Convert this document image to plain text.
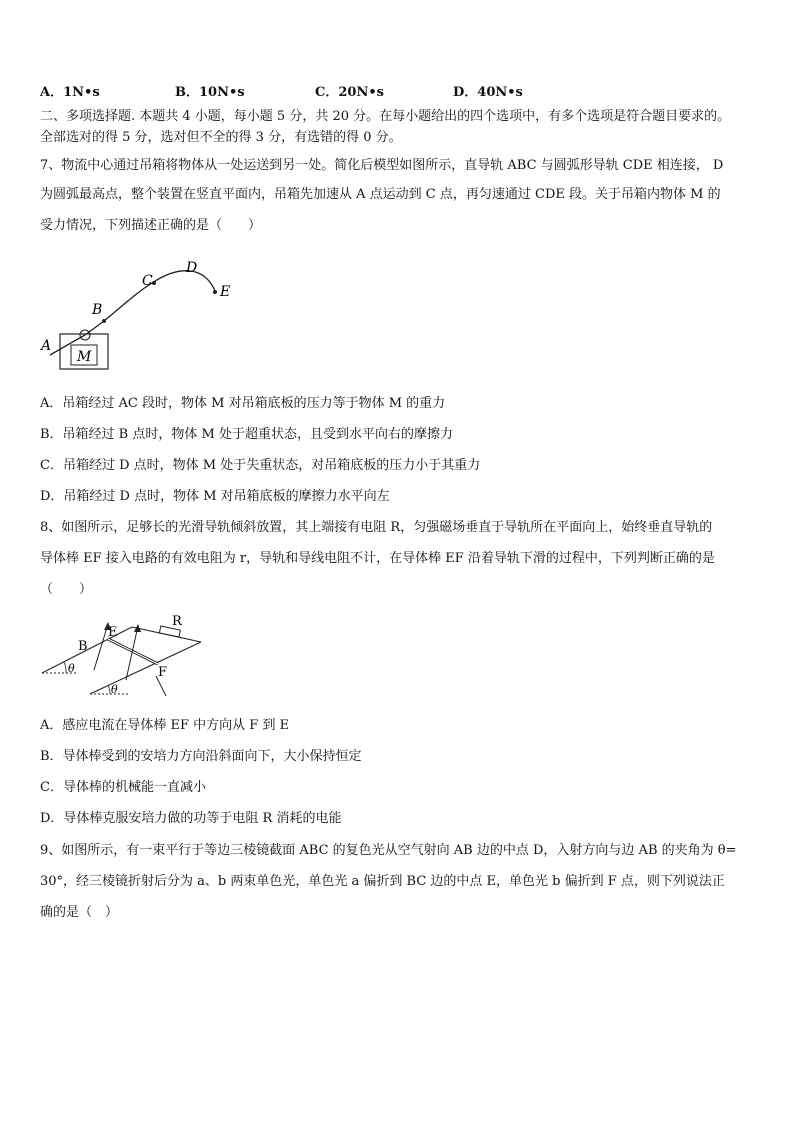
A．1N•s	B．10N•s	C．20N•s	D．40N•s
二、多项选择题. 本题共 4 小题，每小题 5 分，共 20 分。在每小题给出的四个选项中，有多个选项是符合题目要求的。
全部选对的得 5 分，选对但不全的得 3 分，有选错的得 0 分。
7、物流中心通过吊箱将物体从一处运送到另一处。简化后模型如图所示，直导轨 ABC 与圆弧形导轨 CDE 相连接， D
为圆弧最高点，整个装置在竖直平面内，吊箱先加速从 A 点运动到 C 点，再匀速通过 CDE 段。关于吊箱内物体 M 的
受力情况，下列描述正确的是（　　）
A
B
C
D
E
M
A．吊箱经过 AC 段时，物体 M 对吊箱底板的压力等于物体 M 的重力
B．吊箱经过 B 点时，物体 M 处于超重状态，且受到水平向右的摩擦力
C．吊箱经过 D 点时，物体 M 处于失重状态，对吊箱底板的压力小于其重力
D．吊箱经过 D 点时，物体 M 对吊箱底板的摩擦力水平向左
8、如图所示，足够长的光滑导轨倾斜放置，其上端接有电阻 R，匀强磁场垂直于导轨所在平面向上，始终垂直导轨的
导体棒 EF 接入电路的有效电阻为 r，导轨和导线电阻不计，在导体棒 EF 沿着导轨下滑的过程中，下列判断正确的是
（　　）
B
E
R
F
θ
θ
A．感应电流在导体棒 EF 中方向从 F 到 E
B．导体棒受到的安培力方向沿斜面向下，大小保持恒定
C．导体棒的机械能一直减小
D．导体棒克服安培力做的功等于电阻 R 消耗的电能
9、如图所示，有一束平行于等边三棱镜截面 ABC 的复色光从空气射向 AB 边的中点 D，入射方向与边 AB 的夹角为 θ=
30°，经三棱镜折射后分为 a、b 两束单色光，单色光 a 偏折到 BC 边的中点 E，单色光 b 偏折到 F 点，则下列说法正
确的是（　）
